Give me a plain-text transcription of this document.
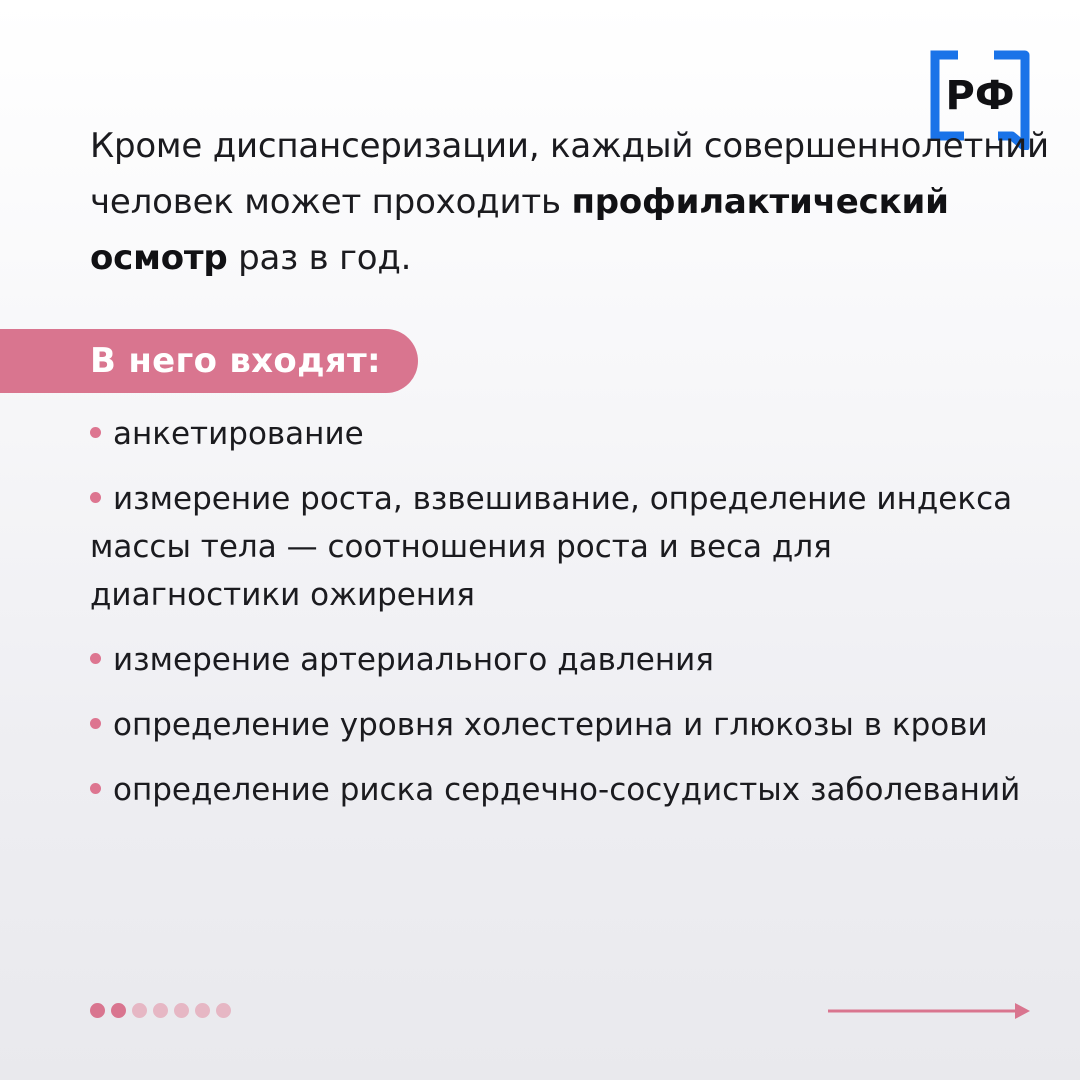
РФ
Кроме диспансеризации, каждый совершеннолетний человек может проходить профилактический осмотр раз в год.
В него входят:
анкетирование
измерение роста, взвешивание, определение индекса массы тела — соотношения роста и веса для диагностики ожирения
измерение артериального давления
определение уровня холестерина и глюкозы в крови
определение риска сердечно-сосудистых заболеваний
